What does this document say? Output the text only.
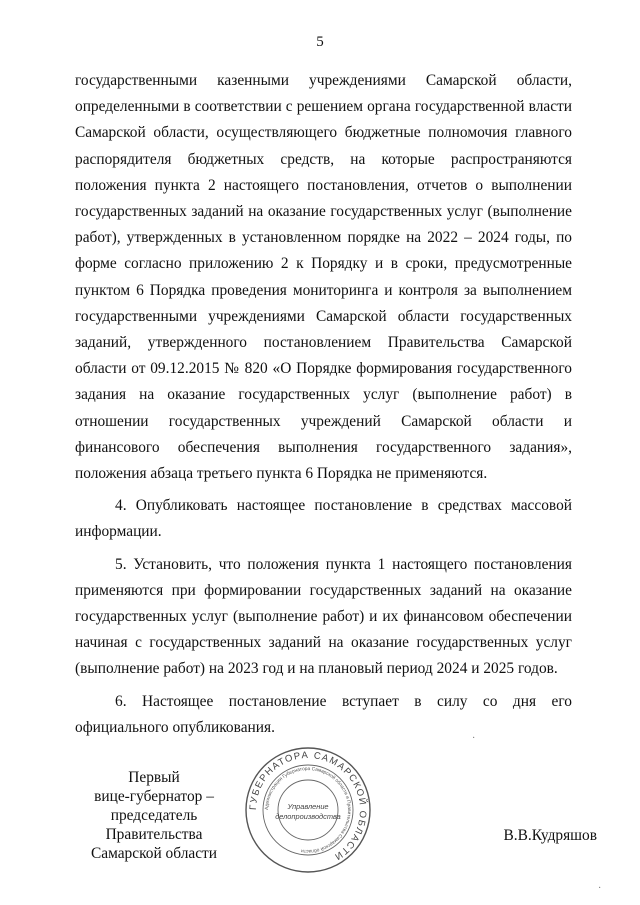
5

государственными казенными учреждениями Самарской области, определенными в соответствии с решением органа государственной власти Самарской области, осуществляющего бюджетные полномочия главного распорядителя бюджетных средств, на которые распространяются положения пункта 2 настоящего постановления, отчетов о выполнении государственных заданий на оказание государственных услуг (выполнение работ), утвержденных в установленном порядке на 2022 – 2024 годы, по форме согласно приложению 2 к Порядку и в сроки, предусмотренные пунктом 6 Порядка проведения мониторинга и контроля за выполнением государственными учреждениями Самарской области государственных заданий, утвержденного постановлением Правительства Самарской области от 09.12.2015 № 820 «О Порядке формирования государственного задания на оказание государственных услуг (выполнение работ) в отношении государственных учреждений Самарской области и финансового обеспечения выполнения государственного задания», положения абзаца третьего пункта 6 Порядка не применяются.

4. Опубликовать настоящее постановление в средствах массовой информации.

5. Установить, что положения пункта 1 настоящего постановления применяются при формировании государственных заданий на оказание государственных услуг (выполнение работ) и их финансовом обеспечении начиная с государственных заданий на оказание государственных услуг (выполнение работ) на 2023 год и на плановый период 2024 и 2025 годов.

6. Настоящее постановление вступает в силу со дня его официального опубликования.

Первый
вице-губернатор –
председатель Правительства
Самарской области
ГУБЕРНАТОРА САМАРСКОЙ ОБЛАСТИ
Администрация Губернатора Самарской области и Правительства Самарской области
Управление
делопроизводства
В.В.Кудряшов
·
·
